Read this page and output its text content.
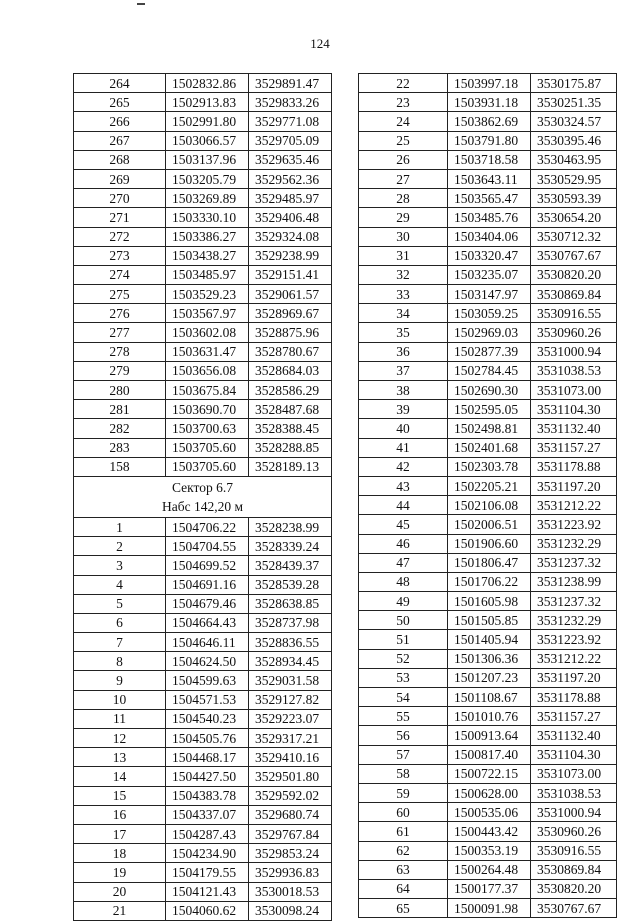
124
264	1502832.86	3529891.47
265	1502913.83	3529833.26
266	1502991.80	3529771.08
267	1503066.57	3529705.09
268	1503137.96	3529635.46
269	1503205.79	3529562.36
270	1503269.89	3529485.97
271	1503330.10	3529406.48
272	1503386.27	3529324.08
273	1503438.27	3529238.99
274	1503485.97	3529151.41
275	1503529.23	3529061.57
276	1503567.97	3528969.67
277	1503602.08	3528875.96
278	1503631.47	3528780.67
279	1503656.08	3528684.03
280	1503675.84	3528586.29
281	1503690.70	3528487.68
282	1503700.63	3528388.45
283	1503705.60	3528288.85
158	1503705.60	3528189.13

Сектор 6.7
Набс 142,20 м		

1	1504706.22	3528238.99
2	1504704.55	3528339.24
3	1504699.52	3528439.37
4	1504691.16	3528539.28
5	1504679.46	3528638.85
6	1504664.43	3528737.98
7	1504646.11	3528836.55
8	1504624.50	3528934.45
9	1504599.63	3529031.58
10	1504571.53	3529127.82
11	1504540.23	3529223.07
12	1504505.76	3529317.21
13	1504468.17	3529410.16
14	1504427.50	3529501.80
15	1504383.78	3529592.02
16	1504337.07	3529680.74
17	1504287.43	3529767.84
18	1504234.90	3529853.24
19	1504179.55	3529936.83
20	1504121.43	3530018.53
21	1504060.62	3530098.24
22	1503997.18	3530175.87
23	1503931.18	3530251.35
24	1503862.69	3530324.57
25	1503791.80	3530395.46
26	1503718.58	3530463.95
27	1503643.11	3530529.95
28	1503565.47	3530593.39
29	1503485.76	3530654.20
30	1503404.06	3530712.32
31	1503320.47	3530767.67
32	1503235.07	3530820.20
33	1503147.97	3530869.84
34	1503059.25	3530916.55
35	1502969.03	3530960.26
36	1502877.39	3531000.94
37	1502784.45	3531038.53
38	1502690.30	3531073.00
39	1502595.05	3531104.30
40	1502498.81	3531132.40
41	1502401.68	3531157.27
42	1502303.78	3531178.88
43	1502205.21	3531197.20
44	1502106.08	3531212.22
45	1502006.51	3531223.92
46	1501906.60	3531232.29
47	1501806.47	3531237.32
48	1501706.22	3531238.99
49	1501605.98	3531237.32
50	1501505.85	3531232.29
51	1501405.94	3531223.92
52	1501306.36	3531212.22
53	1501207.23	3531197.20
54	1501108.67	3531178.88
55	1501010.76	3531157.27
56	1500913.64	3531132.40
57	1500817.40	3531104.30
58	1500722.15	3531073.00
59	1500628.00	3531038.53
60	1500535.06	3531000.94
61	1500443.42	3530960.26
62	1500353.19	3530916.55
63	1500264.48	3530869.84
64	1500177.37	3530820.20
65	1500091.98	3530767.67
